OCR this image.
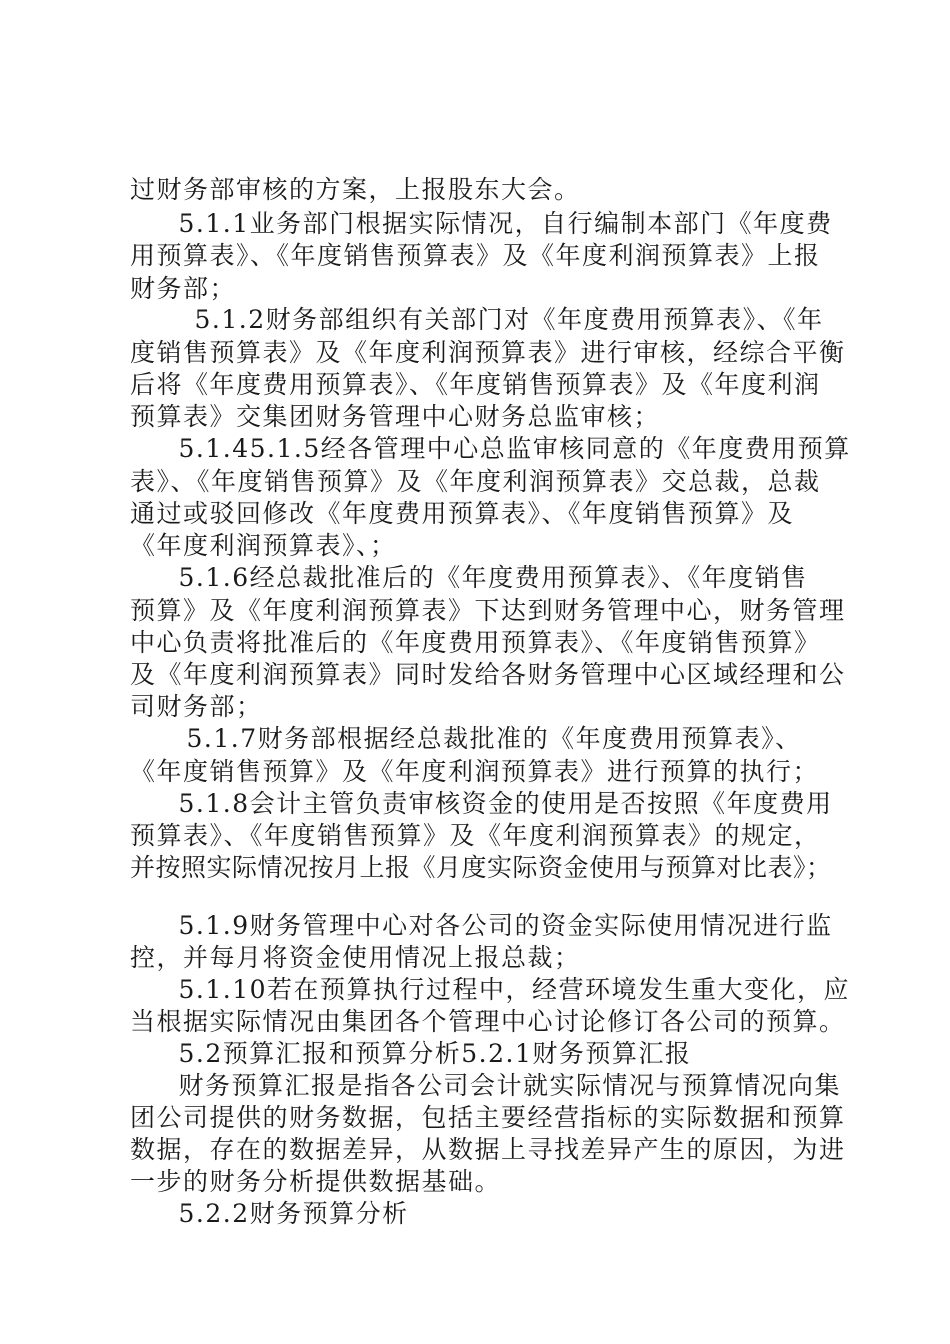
过财务部审核的方案，上报股东大会。
　5.1.1业务部门根据实际情况，自行编制本部门《年度费
用预算表》、《年度销售预算表》及《年度利润预算表》上报
财务部；
　5.1.2财务部组织有关部门对《年度费用预算表》、《年
度销售预算表》及《年度利润预算表》进行审核，经综合平衡
后将《年度费用预算表》、《年度销售预算表》及《年度利润
预算表》交集团财务管理中心财务总监审核；
　5.1.45.1.5经各管理中心总监审核同意的《年度费用预算
表》、《年度销售预算》及《年度利润预算表》交总裁，总裁
通过或驳回修改《年度费用预算表》、《年度销售预算》及
《年度利润预算表》、；
　5.1.6经总裁批准后的《年度费用预算表》、《年度销售
预算》及《年度利润预算表》下达到财务管理中心，财务管理
中心负责将批准后的《年度费用预算表》、《年度销售预算》
及《年度利润预算表》同时发给各财务管理中心区域经理和公
司财务部；
　5.1.7财务部根据经总裁批准的《年度费用预算表》、
《年度销售预算》及《年度利润预算表》进行预算的执行；
　5.1.8会计主管负责审核资金的使用是否按照《年度费用
预算表》、《年度销售预算》及《年度利润预算表》的规定，
并按照实际情况按月上报《月度实际资金使用与预算对比表》；
　5.1.9财务管理中心对各公司的资金实际使用情况进行监
控，并每月将资金使用情况上报总裁；
　5.1.10若在预算执行过程中，经营环境发生重大变化，应
当根据实际情况由集团各个管理中心讨论修订各公司的预算。
　5.2预算汇报和预算分析5.2.1财务预算汇报
　财务预算汇报是指各公司会计就实际情况与预算情况向集
团公司提供的财务数据，包括主要经营指标的实际数据和预算
数据，存在的数据差异，从数据上寻找差异产生的原因，为进
一步的财务分析提供数据基础。
　5.2.2财务预算分析
